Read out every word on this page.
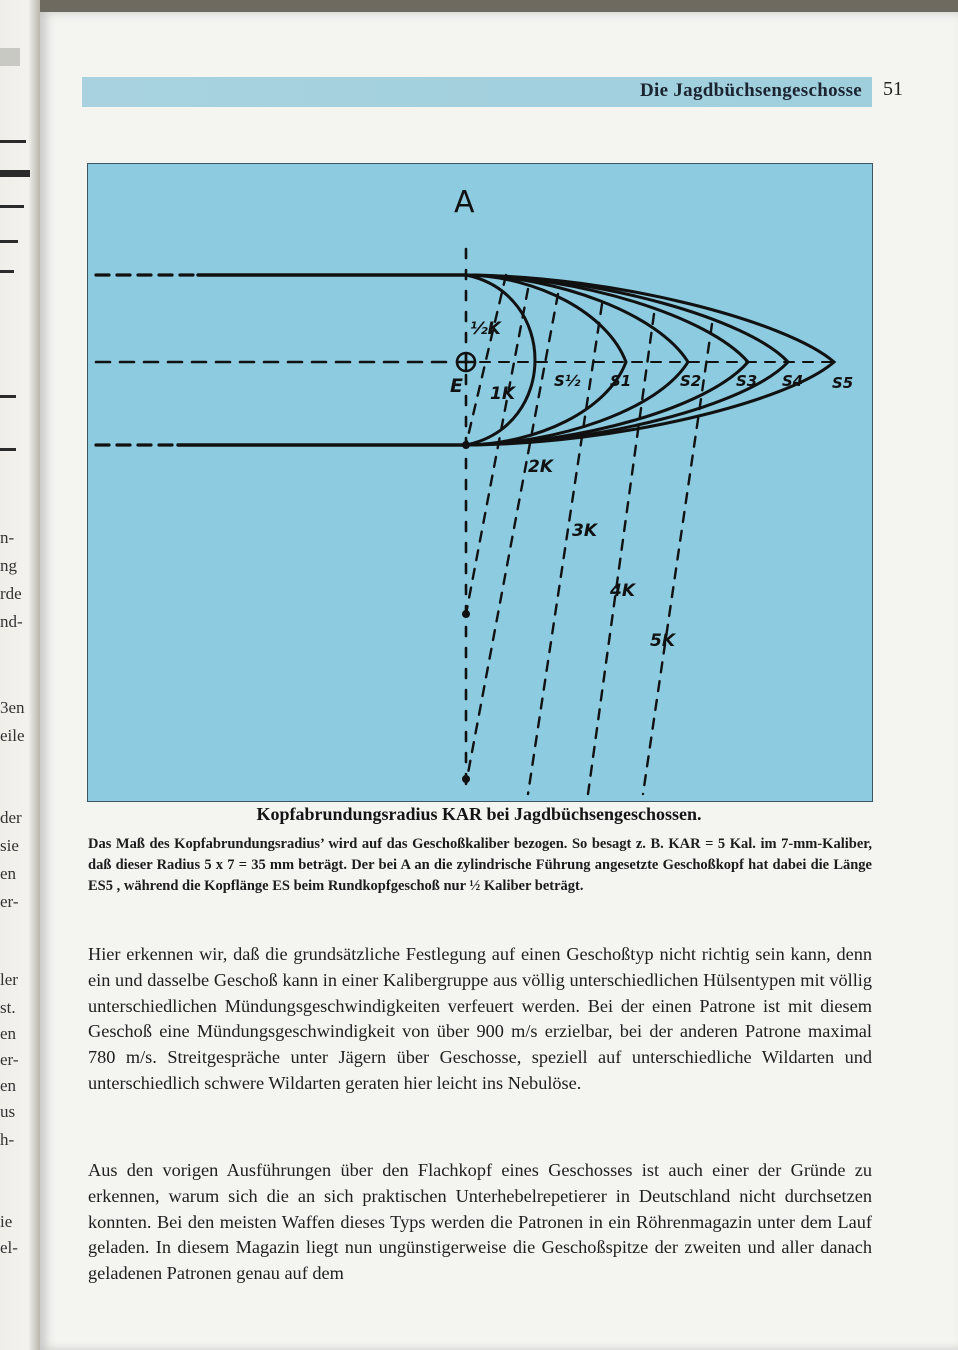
n-
ng
rde
nd-
3en
eile
der
sie
en
er-
ler
st.
en
er-
en
us
h-
ie
el-
Die Jagdbüchsengeschosse 51
A
E
½K
1K
2K
3K
4K
5K
S½ S1	S2 S3 S4 S5
Kopfabrundungsradius KAR bei Jagdbüchsengeschossen.
Das Maß des Kopfabrundungsradius’ wird auf das Geschoßkaliber bezogen. So besagt z. B. KAR = 5 Kal. im 7-mm-Kaliber, daß dieser Radius 5 x 7 = 35 mm beträgt. Der bei A an die zylindrische Führung angesetzte Geschoßkopf hat dabei die Länge ES5 , während die Kopflänge ES beim Rundkopfgeschoß nur ½ Kaliber beträgt.
Hier erkennen wir, daß die grundsätzliche Festlegung auf einen Geschoßtyp nicht richtig sein kann, denn ein und dasselbe Geschoß kann in einer Kalibergruppe aus völlig unterschiedlichen Hülsentypen mit völlig unterschiedlichen Mündungsgeschwindigkeiten verfeuert werden. Bei der einen Patrone ist mit diesem Geschoß eine Mündungsgeschwindigkeit von über 900 m/s erzielbar, bei der anderen Patrone maximal 780 m/s. Streitgespräche unter Jägern über Geschosse, speziell auf unterschiedliche Wildarten und unterschiedlich schwere Wildarten geraten hier leicht ins Nebulöse.
Aus den vorigen Ausführungen über den Flachkopf eines Geschosses ist auch einer der Gründe zu erkennen, warum sich die an sich praktischen Unterhebelrepetierer in Deutschland nicht durchsetzen konnten. Bei den meisten Waffen dieses Typs werden die Patronen in ein Röhrenmagazin unter dem Lauf geladen. In diesem Magazin liegt nun ungünstigerweise die Geschoßspitze der zweiten und aller danach geladenen Patronen genau auf dem
